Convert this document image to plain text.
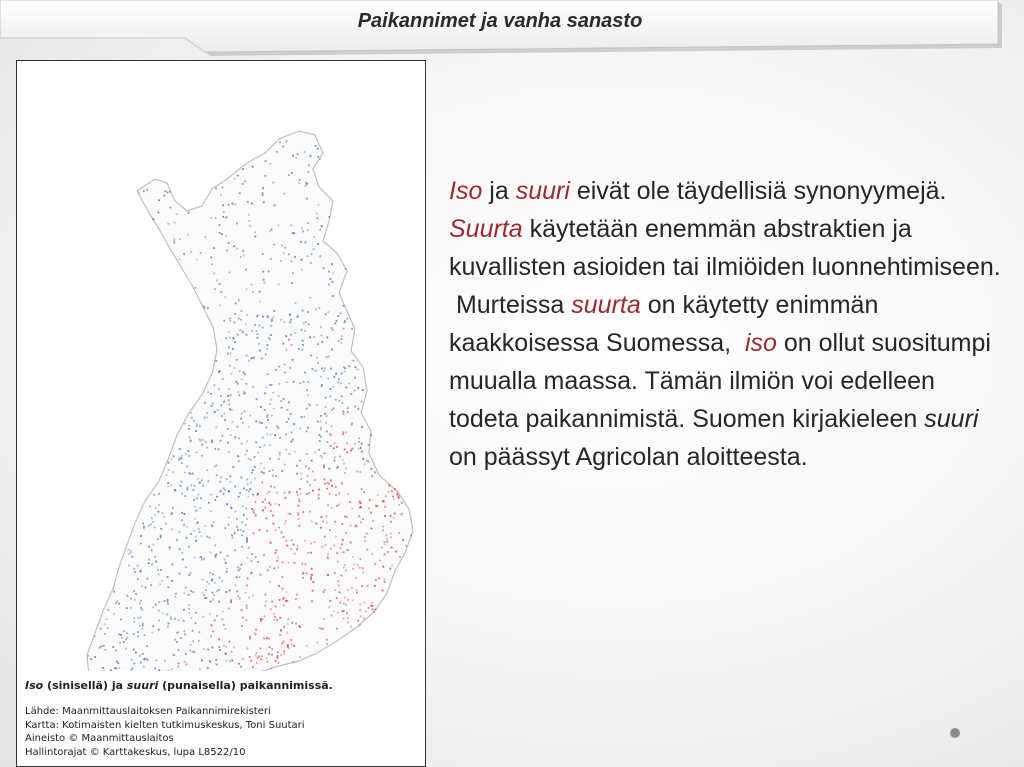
Paikannimet ja vanha sanasto
Iso (sinisellä) ja suuri (punaisella) paikannimissä.
Lähde: Maanmittauslaitoksen Paikannimirekisteri
Kartta: Kotimaisten kielten tutkimuskeskus, Toni Suutari
Aineisto © Maanmittauslaitos
Hallintorajat © Karttakeskus, lupa L8522/10
Iso ja suuri eivät ole täydellisiä synonyymejä. Suurta käytetään enemmän abstraktien ja kuvallisten asioiden tai ilmiöiden luonnehtimiseen.
Murteissa suurta on käytetty enimmän kaakkoisessa Suomessa,  iso on ollut suositumpi muualla maassa. Tämän ilmiön voi edelleen todeta paikannimistä. Suomen kirjakieleen suuri on päässyt Agricolan aloitteesta.
